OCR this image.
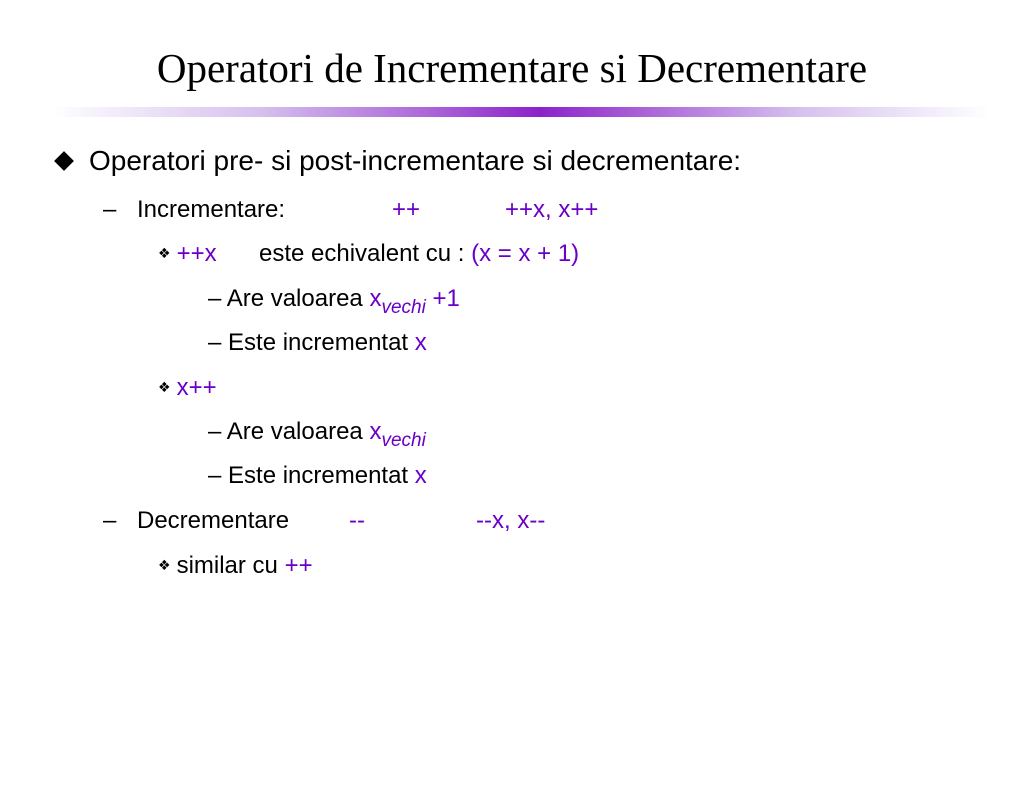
Operatori de Incrementare si Decrementare
Operatori pre- si post-incrementare si decrementare:
– Incrementare:	++	++x, x++
❖ ++x este echivalent cu : (x = x + 1)
– Are valoarea $x_{vechi} +1$
– Este incrementat x
❖ x++
– Are valoarea $x_{vechi}$
– Este incrementat x
– Decrementare --	--x, x--
❖ similar cu ++
